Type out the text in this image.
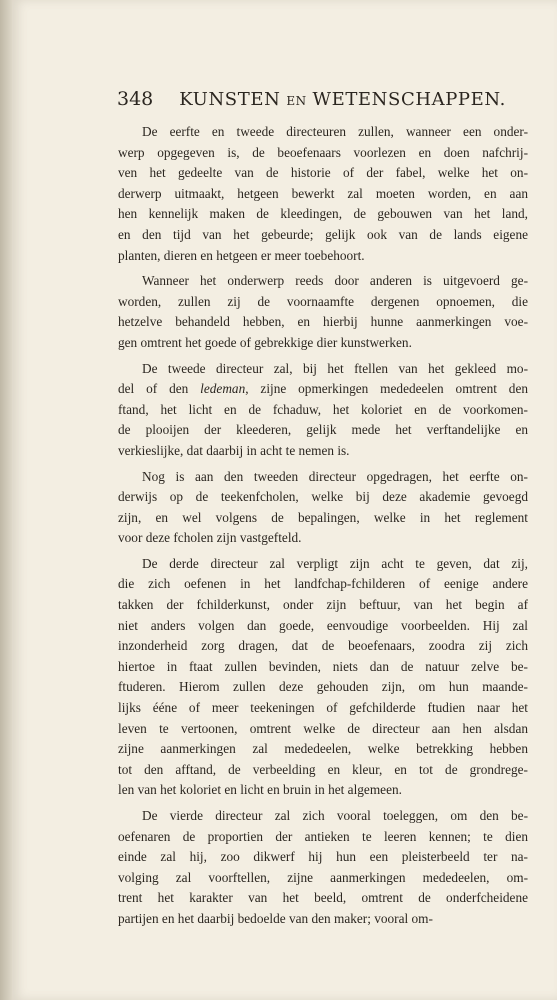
348 KUNSTEN EN WETENSCHAPPEN.
De eerfte en tweede directeuren zullen, wanneer een onder-
werp opgegeven is, de beoefenaars voorlezen en doen nafchrij-
ven het gedeelte van de historie of der fabel, welke het on-
derwerp uitmaakt, hetgeen bewerkt zal moeten worden, en aan
hen kennelijk maken de kleedingen, de gebouwen van het land,
en den tijd van het gebeurde; gelijk ook van de lands eigene
planten, dieren en hetgeen er meer toebehoort.
Wanneer het onderwerp reeds door anderen is uitgevoerd ge-
worden, zullen zij de voornaamfte dergenen opnoemen, die
hetzelve behandeld hebben, en hierbij hunne aanmerkingen voe-
gen omtrent het goede of gebrekkige dier kunstwerken.
De tweede directeur zal, bij het ftellen van het gekleed mo-
del of den ledeman, zijne opmerkingen mededeelen omtrent den
ftand, het licht en de fchaduw, het koloriet en de voorkomen-
de plooijen der kleederen, gelijk mede het verftandelijke en
verkieslijke, dat daarbij in acht te nemen is.
Nog is aan den tweeden directeur opgedragen, het eerfte on-
derwijs op de teekenfcholen, welke bij deze akademie gevoegd
zijn, en wel volgens de bepalingen, welke in het reglement
voor deze fcholen zijn vastgefteld.
De derde directeur zal verpligt zijn acht te geven, dat zij,
die zich oefenen in het landfchap-fchilderen of eenige andere
takken der fchilderkunst, onder zijn beftuur, van het begin af
niet anders volgen dan goede, eenvoudige voorbeelden. Hij zal
inzonderheid zorg dragen, dat de beoefenaars, zoodra zij zich
hiertoe in ftaat zullen bevinden, niets dan de natuur zelve be-
ftuderen. Hierom zullen deze gehouden zijn, om hun maande-
lijks ééne of meer teekeningen of gefchilderde ftudien naar het
leven te vertoonen, omtrent welke de directeur aan hen alsdan
zijne aanmerkingen zal mededeelen, welke betrekking hebben
tot den afftand, de verbeelding en kleur, en tot de grondrege-
len van het koloriet en licht en bruin in het algemeen.
De vierde directeur zal zich vooral toeleggen, om den be-
oefenaren de proportien der antieken te leeren kennen; te dien
einde zal hij, zoo dikwerf hij hun een pleisterbeeld ter na-
volging zal voorftellen, zijne aanmerkingen mededeelen, om-
trent het karakter van het beeld, omtrent de onderfcheidene
partijen en het daarbij bedoelde van den maker; vooral om-
